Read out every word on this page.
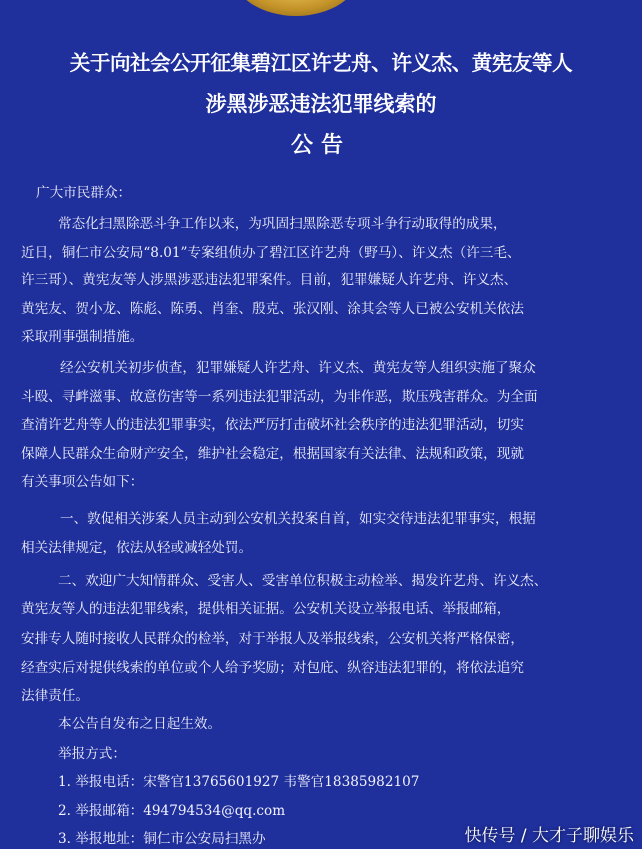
关于向社会公开征集碧江区许艺舟、许义杰、黄宪友等人
涉黑涉恶违法犯罪线索的
公告
广大市民群众：
常态化扫黑除恶斗争工作以来，为巩固扫黑除恶专项斗争行动取得的成果，
近日，铜仁市公安局“8.01”专案组侦办了碧江区许艺舟（野马）、许义杰（许三毛、
许三哥）、黄宪友等人涉黑涉恶违法犯罪案件。目前，犯罪嫌疑人许艺舟、许义杰、
黄宪友、贺小龙、陈彪、陈勇、肖奎、殷克、张汉刚、涂其会等人已被公安机关依法
采取刑事强制措施。
经公安机关初步侦查，犯罪嫌疑人许艺舟、许义杰、黄宪友等人组织实施了聚众
斗殴、寻衅滋事、故意伤害等一系列违法犯罪活动，为非作恶，欺压残害群众。为全面
查清许艺舟等人的违法犯罪事实，依法严厉打击破坏社会秩序的违法犯罪活动，切实
保障人民群众生命财产安全，维护社会稳定，根据国家有关法律、法规和政策，现就
有关事项公告如下：
一、敦促相关涉案人员主动到公安机关投案自首，如实交待违法犯罪事实，根据
相关法律规定，依法从轻或减轻处罚。
二、欢迎广大知情群众、受害人、受害单位积极主动检举、揭发许艺舟、许义杰、
黄宪友等人的违法犯罪线索，提供相关证据。公安机关设立举报电话、举报邮箱，
安排专人随时接收人民群众的检举，对于举报人及举报线索，公安机关将严格保密，
经查实后对提供线索的单位或个人给予奖励；对包庇、纵容违法犯罪的，将依法追究
法律责任。
本公告自发布之日起生效。
举报方式：
1. 举报电话：宋警官13765601927 韦警官18385982107
2. 举报邮箱：494794534@qq.com
3. 举报地址：铜仁市公安局扫黑办	快传号 / 大才子聊娱乐
